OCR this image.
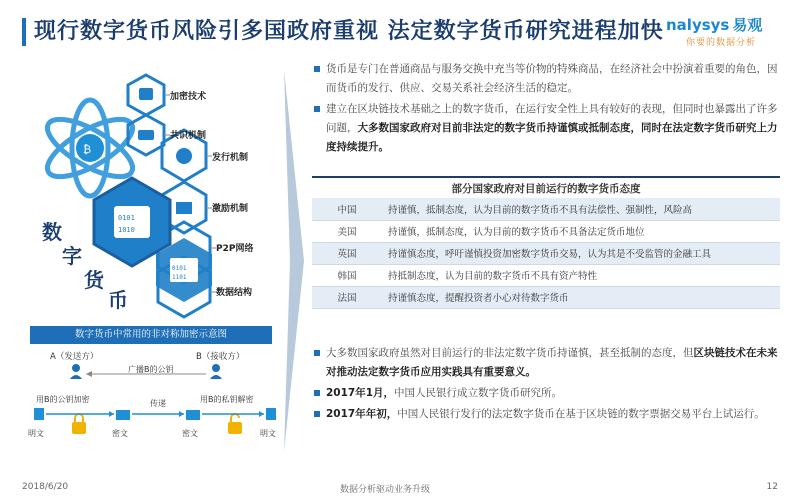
现行数字货币风险引多国政府重视 法定数字货币研究进程加快 nalysys 易观
你要的数据分析
₿
0101
1010
0101
1101
加密技术
共识机制
发行机制
激励机制
P2P网络
数据结构
数
字
货
币
数字货币中常用的非对称加密示意图
A（发送方）	B（接收方）
广播B的公钥
用B的公钥加密	传递	用B的私钥解密
明文	密文	密文	明文
货币是专门在普通商品与服务交换中充当等价物的特殊商品，在经济社会中扮演着重要的角色，因而货币的发行、供应、交易关系社会经济生活的稳定。
建立在区块链技术基础之上的数字货币，在运行安全性上具有较好的表现，但同时也暴露出了许多问题，大多数国家政府对目前非法定的数字货币持谨慎或抵制态度，同时在法定数字货币研究上力度持续提升。
部分国家政府对目前运行的数字货币态度
中国	持谨慎，抵制态度，认为目前的数字货币不具有法偿性、强制性，风险高
美国	持谨慎，抵制态度，认为目前的数字货币不具备法定货币地位
英国	持谨慎态度，呼吁谨慎投资加密数字货币交易，认为其是不受监管的金融工具
韩国	持抵制态度，认为目前的数字货币不具有资产特性
法国	持谨慎态度，提醒投资者小心对待数字货币
大多数国家政府虽然对目前运行的非法定数字货币持谨慎，甚至抵制的态度，但区块链技术在未来对推动法定数字货币应用实践具有重要意义。
2017年1月，中国人民银行成立数字货币研究所。
2017年年初，中国人民银行发行的法定数字货币在基于区块链的数字票据交易平台上试运行。
2018/6/20	数据分析驱动业务升级	12
